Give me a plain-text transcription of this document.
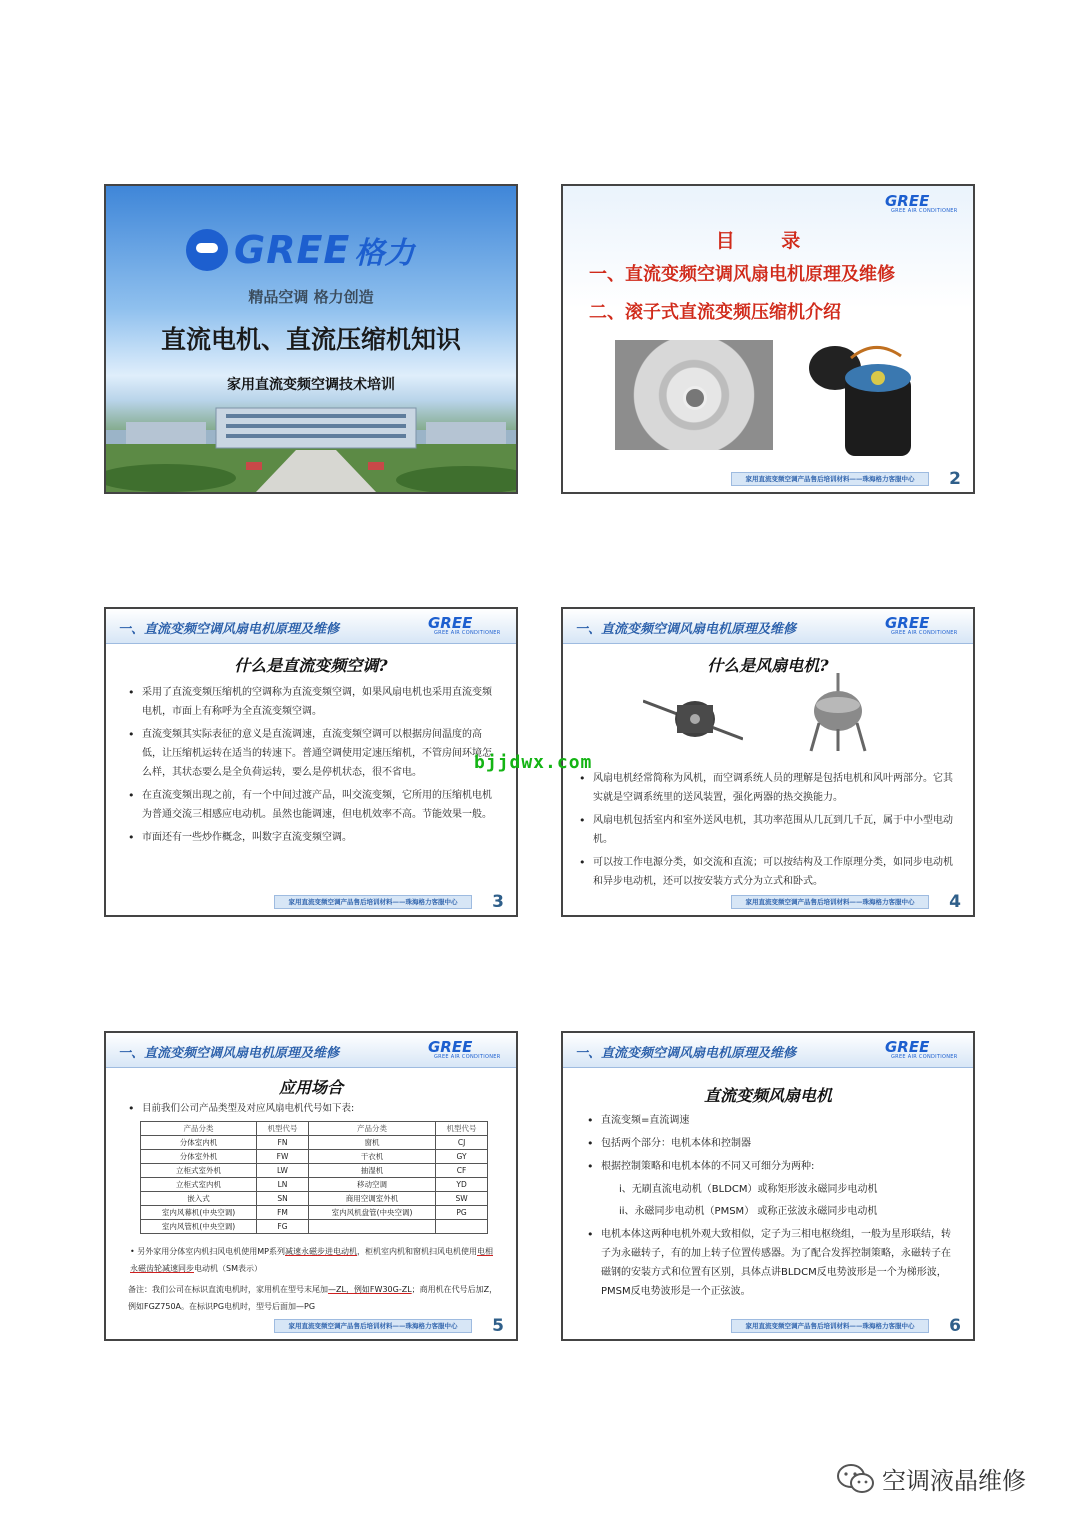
GREE 格力
精品空调 格力创造
直流电机、直流压缩机知识
家用直流变频空调技术培训
GREE
GREE AIR CONDITIONER
目 录
一、直流变频空调风扇电机原理及维修
二、滚子式直流变频压缩机介绍
家用直流变频空调产品售后培训材料——珠海格力客服中心	2
一、直流变频空调风扇电机原理及维修	GREE
GREE AIR CONDITIONER
什么是直流变频空调?
• 采用了直流变频压缩机的空调称为直流变频空调，如果风扇电机也采用直流变频电机，市面上有称呼为全直流变频空调。
• 直流变频其实际表征的意义是直流调速，直流变频空调可以根据房间温度的高低，让压缩机运转在适当的转速下。普通空调使用定速压缩机，不管房间环境怎么样，其状态要么是全负荷运转，要么是停机状态，很不省电。
• 在直流变频出现之前，有一个中间过渡产品，叫交流变频，它所用的压缩机电机为普通交流三相感应电动机。虽然也能调速，但电机效率不高。节能效果一般。
• 市面还有一些炒作概念，叫数字直流变频空调。
家用直流变频空调产品售后培训材料——珠海格力客服中心	3
一、直流变频空调风扇电机原理及维修	GREE
GREE AIR CONDITIONER
什么是风扇电机?
• 风扇电机经常简称为风机，而空调系统人员的理解是包括电机和风叶两部分。它其实就是空调系统里的送风装置，强化两器的热交换能力。
• 风扇电机包括室内和室外送风电机，其功率范围从几瓦到几千瓦，属于中小型电动机。
• 可以按工作电源分类，如交流和直流；可以按结构及工作原理分类，如同步电动机和异步电动机，还可以按安装方式分为立式和卧式。
家用直流变频空调产品售后培训材料——珠海格力客服中心	4
一、直流变频空调风扇电机原理及维修	GREE
GREE AIR CONDITIONER
应用场合
• 目前我们公司产品类型及对应风扇电机代号如下表:
产品分类	机型代号	产品分类	机型代号
分体室内机	FN	窗机	CJ
分体室外机	FW	干衣机	GY
立柜式室外机	LW	抽湿机	CF
立柜式室内机	LN	移动空调	YD
嵌入式	SN	商用空调室外机	SW
室内风幕机(中央空调)	FM	室内风机盘管(中央空调)	PG
室内风管机(中央空调)	FG		
• 另外家用分体室内机扫风电机使用MP系列减速永磁步进电动机，柜机室内机和窗机扫风电机使用电相永磁齿轮减速同步电动机（SM表示）
备注：我们公司在标识直流电机时，家用机在型号末尾加—ZL，例如FW30G-ZL；商用机在代号后加Z，例如FGZ750A。在标识PG电机时，型号后面加—PG
家用直流变频空调产品售后培训材料——珠海格力客服中心	5
一、直流变频空调风扇电机原理及维修	GREE
GREE AIR CONDITIONER
直流变频风扇电机
• 直流变频=直流调速
• 包括两个部分：电机本体和控制器
• 根据控制策略和电机本体的不同又可细分为两种:
i、无刷直流电动机（BLDCM）或称矩形波永磁同步电动机
ii、永磁同步电动机（PMSM） 或称正弦波永磁同步电动机
• 电机本体这两种电机外观大致相似，定子为三相电枢绕组，一般为星形联结，转子为永磁转子，有的加上转子位置传感器。为了配合发挥控制策略，永磁转子在磁钢的安装方式和位置有区别，具体点讲BLDCM反电势波形是一个为梯形波，PMSM反电势波形是一个正弦波。
家用直流变频空调产品售后培训材料——珠海格力客服中心	6
bjjdwx.com
空调液晶维修
